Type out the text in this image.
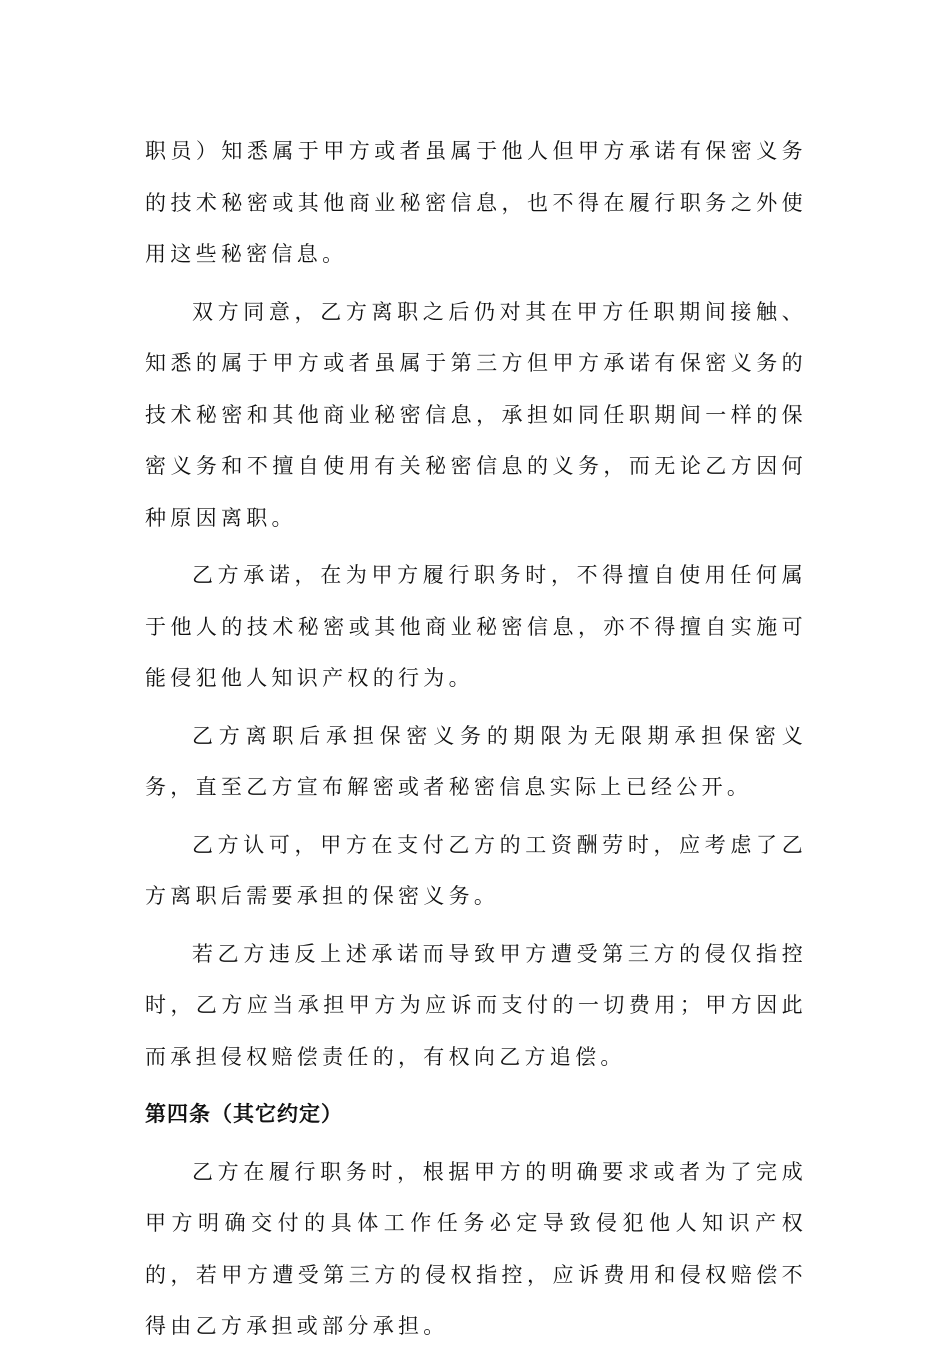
职员）知悉属于甲方或者虽属于他人但甲方承诺有保密义务的技术秘密或其他商业秘密信息，也不得在履行职务之外使用这些秘密信息。

双方同意，乙方离职之后仍对其在甲方任职期间接触、知悉的属于甲方或者虽属于第三方但甲方承诺有保密义务的技术秘密和其他商业秘密信息，承担如同任职期间一样的保密义务和不擅自使用有关秘密信息的义务，而无论乙方因何种原因离职。

乙方承诺，在为甲方履行职务时，不得擅自使用任何属于他人的技术秘密或其他商业秘密信息，亦不得擅自实施可能侵犯他人知识产权的行为。

乙方离职后承担保密义务的期限为无限期承担保密义务，直至乙方宣布解密或者秘密信息实际上已经公开。

乙方认可，甲方在支付乙方的工资酬劳时，应考虑了乙方离职后需要承担的保密义务。

若乙方违反上述承诺而导致甲方遭受第三方的侵仅指控时，乙方应当承担甲方为应诉而支付的一切费用；甲方因此而承担侵权赔偿责任的，有权向乙方追偿。

第四条（其它约定）

乙方在履行职务时，根据甲方的明确要求或者为了完成甲方明确交付的具体工作任务必定导致侵犯他人知识产权的，若甲方遭受第三方的侵权指控，应诉费用和侵权赔偿不得由乙方承担或部分承担。
